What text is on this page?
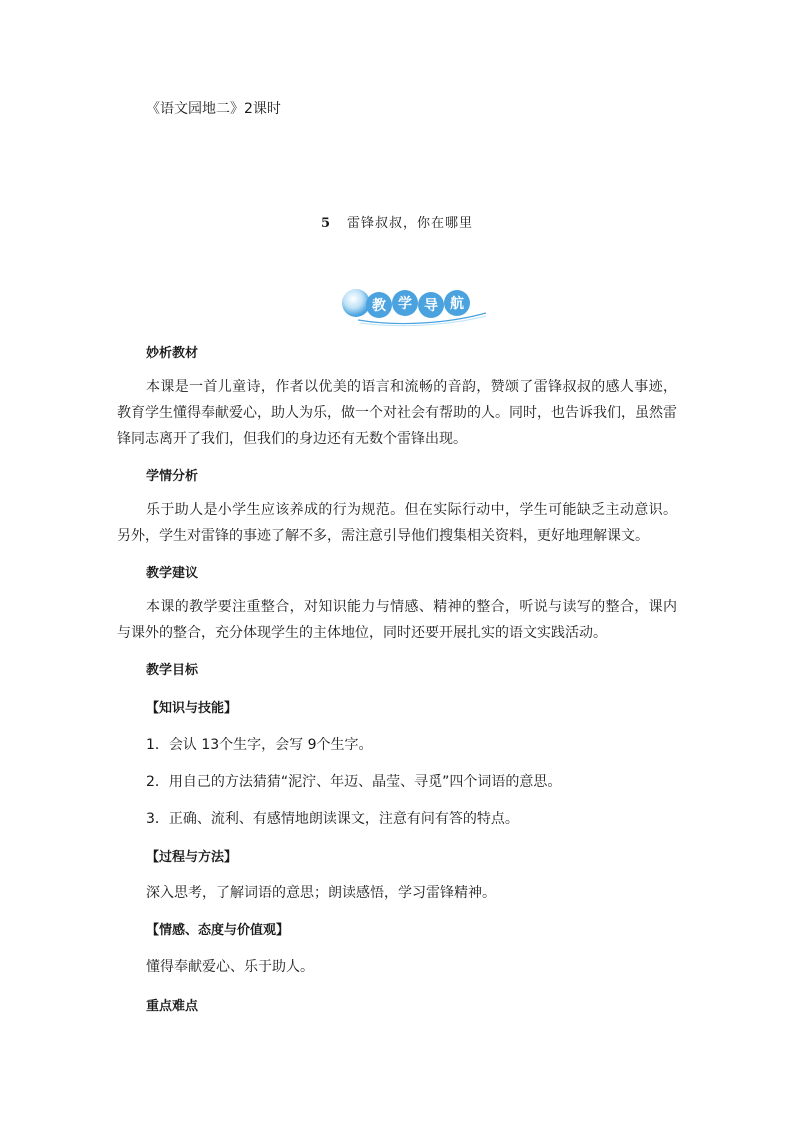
《语文园地二》2课时
5 雷锋叔叔，你在哪里
教 学 导 航
妙析教材
本课是一首儿童诗，作者以优美的语言和流畅的音韵，赞颂了雷锋叔叔的感人事迹，教育学生懂得奉献爱心，助人为乐，做一个对社会有帮助的人。同时，也告诉我们，虽然雷锋同志离开了我们，但我们的身边还有无数个雷锋出现。
学情分析
乐于助人是小学生应该养成的行为规范。但在实际行动中，学生可能缺乏主动意识。另外，学生对雷锋的事迹了解不多，需注意引导他们搜集相关资料，更好地理解课文。
教学建议
本课的教学要注重整合，对知识能力与情感、精神的整合，听说与读写的整合，课内与课外的整合，充分体现学生的主体地位，同时还要开展扎实的语文实践活动。
教学目标
【知识与技能】
1．会认 13个生字，会写 9个生字。
2．用自己的方法猜猜“泥泞、年迈、晶莹、寻觅”四个词语的意思。
3．正确、流利、有感情地朗读课文，注意有问有答的特点。
【过程与方法】
深入思考，了解词语的意思；朗读感悟，学习雷锋精神。
【情感、态度与价值观】
懂得奉献爱心、乐于助人。
重点难点
